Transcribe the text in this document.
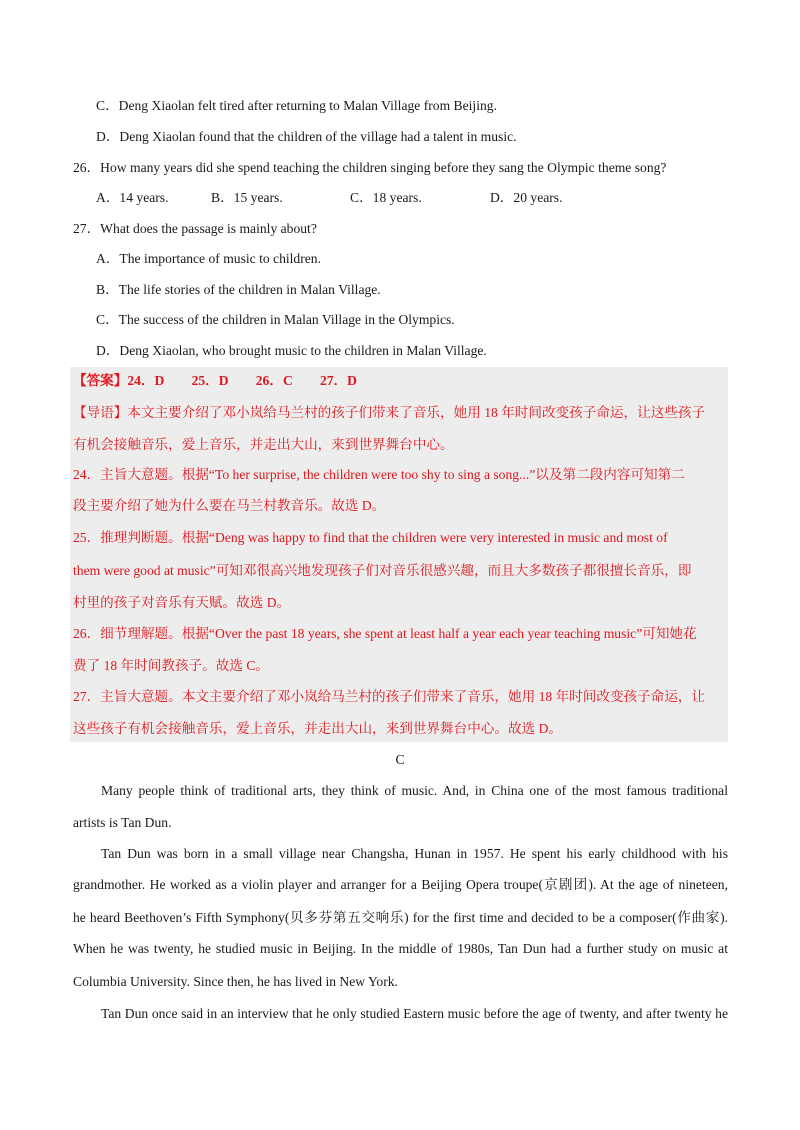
C．Deng Xiaolan felt tired after returning to Malan Village from Beijing.
D．Deng Xiaolan found that the children of the village had a talent in music.
26．How many years did she spend teaching the children singing before they sang the Olympic theme song?
A．14 years.	B．15 years.	C．18 years.	D．20 years.
27．What does the passage is mainly about?
A．The importance of music to children.
B．The life stories of the children in Malan Village.
C．The success of the children in Malan Village in the Olympics.
D．Deng Xiaolan, who brought music to the children in Malan Village.
【答案】24．D　　25．D　　26．C　　27．D
【导语】本文主要介绍了邓小岚给马兰村的孩子们带来了音乐，她用 18 年时间改变孩子命运，让这些孩子
有机会接触音乐，爱上音乐，并走出大山，来到世界舞台中心。
24．主旨大意题。根据“To her surprise, the children were too shy to sing a song...”以及第二段内容可知第二
段主要介绍了她为什么要在马兰村教音乐。故选 D。
25．推理判断题。根据“Deng was happy to find that the children were very interested in music and most of
them were good at music”可知邓很高兴地发现孩子们对音乐很感兴趣，而且大多数孩子都很擅长音乐，即
村里的孩子对音乐有天赋。故选 D。
26．细节理解题。根据“Over the past 18 years, she spent at least half a year each year teaching music”可知她花
费了 18 年时间教孩子。故选 C。
27．主旨大意题。本文主要介绍了邓小岚给马兰村的孩子们带来了音乐，她用 18 年时间改变孩子命运，让
这些孩子有机会接触音乐，爱上音乐，并走出大山，来到世界舞台中心。故选 D。
C
Many people think of traditional arts, they think of music. And, in China one of the most famous traditional
artists is Tan Dun.
Tan Dun was born in a small village near Changsha, Hunan in 1957. He spent his early childhood with his
grandmother. He worked as a violin player and arranger for a Beijing Opera troupe(京剧团). At the age of nineteen,
he heard Beethoven’s Fifth Symphony(贝多芬第五交响乐) for the first time and decided to be a composer(作曲家).
When he was twenty, he studied music in Beijing. In the middle of 1980s, Tan Dun had a further study on music at
Columbia University. Since then, he has lived in New York.
Tan Dun once said in an interview that he only studied Eastern music before the age of twenty, and after twenty he
